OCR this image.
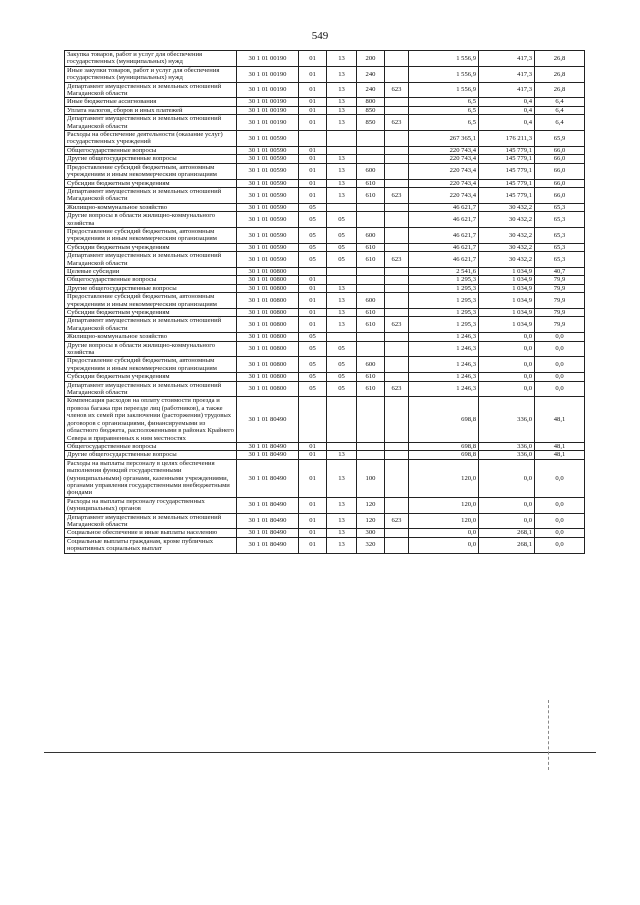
549
Закупка товаров, работ и услуг для обеспечения государственных (муниципальных) нужд	30 1 01 00190	01	13	200		1 556,9	417,3	26,8
Иные закупки товаров, работ и услуг для обеспечения государственных (муниципальных) нужд	30 1 01 00190	01	13	240		1 556,9	417,3	26,8
Департамент имущественных и земельных отношений Магаданской области	30 1 01 00190	01	13	240	623	1 556,9	417,3	26,8
Иные бюджетные ассигнования	30 1 01 00190	01	13	800		6,5	0,4	6,4
Уплата налогов, сборов и иных платежей	30 1 01 00190	01	13	850		6,5	0,4	6,4
Департамент имущественных и земельных отношений Магаданской области	30 1 01 00190	01	13	850	623	6,5	0,4	6,4
Расходы на обеспечение деятельности (оказание услуг) государственных учреждений	30 1 01 00590					267 365,1	176 211,3	65,9
Общегосударственные вопросы	30 1 01 00590	01				220 743,4	145 779,1	66,0
Другие общегосударственные вопросы	30 1 01 00590	01	13			220 743,4	145 779,1	66,0
Предоставление субсидий бюджетным, автономным учреждениям и иным некоммерческим организациям	30 1 01 00590	01	13	600		220 743,4	145 779,1	66,0
Субсидии бюджетным учреждениям	30 1 01 00590	01	13	610		220 743,4	145 779,1	66,0
Департамент имущественных и земельных отношений Магаданской области	30 1 01 00590	01	13	610	623	220 743,4	145 779,1	66,0
Жилищно-коммунальное хозяйство	30 1 01 00590	05				46 621,7	30 432,2	65,3
Другие вопросы в области жилищно-коммунального хозяйства	30 1 01 00590	05	05			46 621,7	30 432,2	65,3
Предоставление субсидий бюджетным, автономным учреждениям и иным некоммерческим организациям	30 1 01 00590	05	05	600		46 621,7	30 432,2	65,3
Субсидии бюджетным учреждениям	30 1 01 00590	05	05	610		46 621,7	30 432,2	65,3
Департамент имущественных и земельных отношений Магаданской области	30 1 01 00590	05	05	610	623	46 621,7	30 432,2	65,3
Целевые субсидии	30 1 01 00800					2 541,6	1 034,9	40,7
Общегосударственные вопросы	30 1 01 00800	01				1 295,3	1 034,9	79,9
Другие общегосударственные вопросы	30 1 01 00800	01	13			1 295,3	1 034,9	79,9
Предоставление субсидий бюджетным, автономным учреждениям и иным некоммерческим организациям	30 1 01 00800	01	13	600		1 295,3	1 034,9	79,9
Субсидии бюджетным учреждениям	30 1 01 00800	01	13	610		1 295,3	1 034,9	79,9
Департамент имущественных и земельных отношений Магаданской области	30 1 01 00800	01	13	610	623	1 295,3	1 034,9	79,9
Жилищно-коммунальное хозяйство	30 1 01 00800	05				1 246,3	0,0	0,0
Другие вопросы в области жилищно-коммунального хозяйства	30 1 01 00800	05	05			1 246,3	0,0	0,0
Предоставление субсидий бюджетным, автономным учреждениям и иным некоммерческим организациям	30 1 01 00800	05	05	600		1 246,3	0,0	0,0
Субсидии бюджетным учреждениям	30 1 01 00800	05	05	610		1 246,3	0,0	0,0
Департамент имущественных и земельных отношений Магаданской области	30 1 01 00800	05	05	610	623	1 246,3	0,0	0,0
Компенсация расходов на оплату стоимости проезда и провоза багажа при переезде лиц (работников), а также членов их семей при заключении (расторжении) трудовых договоров с организациями, финансируемыми из областного бюджета, расположенными в районах Крайнего Севера и приравненных к ним местностях	30 1 01 80490					698,8	336,0	48,1
Общегосударственные вопросы	30 1 01 80490	01				698,8	336,0	48,1
Другие общегосударственные вопросы	30 1 01 80490	01	13			698,8	336,0	48,1
Расходы на выплаты персоналу в целях обеспечения выполнения функций государственными (муниципальными) органами, казенными учреждениями, органами управления государственными внебюджетными фондами	30 1 01 80490	01	13	100		120,0	0,0	0,0
Расходы на выплаты персоналу государственных (муниципальных) органов	30 1 01 80490	01	13	120		120,0	0,0	0,0
Департамент имущественных и земельных отношений Магаданской области	30 1 01 80490	01	13	120	623	120,0	0,0	0,0
Социальное обеспечение и иные выплаты населению	30 1 01 80490	01	13	300		0,0	268,1	0,0
Социальные выплаты гражданам, кроме публичных нормативных социальных выплат	30 1 01 80490	01	13	320		0,0	268,1	0,0
